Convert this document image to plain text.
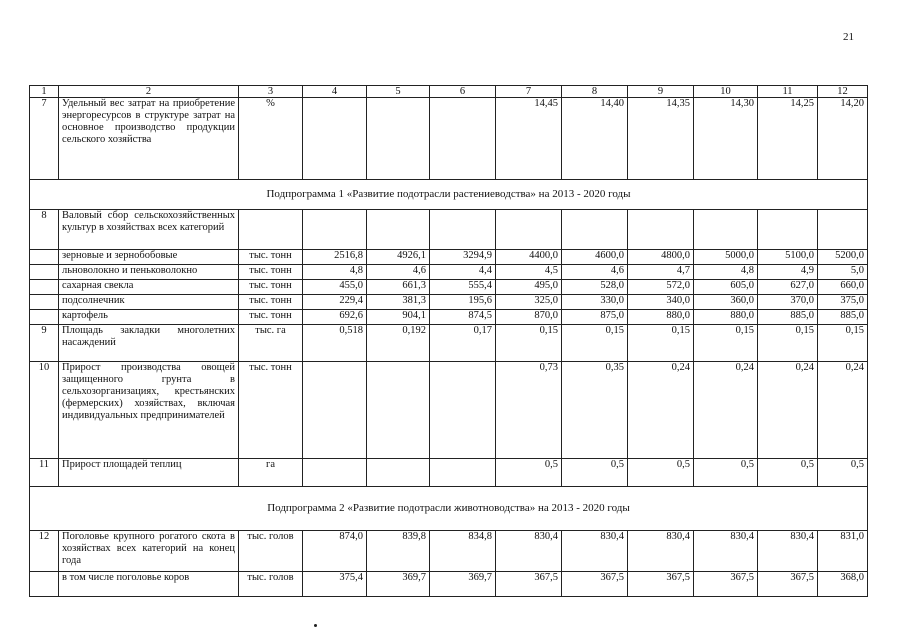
21
1	2	3	4	5	6	7	8	9	10	11	12
7	Удельный вес затрат на приобретение энергоресурсов в структуре затрат на основное производство продукции сельского хозяйства	%				14,45	14,40	14,35	14,30	14,25	14,20
Подпрограмма 1 «Развитие подотрасли растениеводства» на 2013 - 2020 годы											
8	Валовый сбор сельскохозяйственных культур в хозяйствах всех категорий										
	зерновые и зернобобовые	тыс. тонн	2516,8	4926,1	3294,9	4400,0	4600,0	4800,0	5000,0	5100,0	5200,0
	льноволокно и пеньковолокно	тыс. тонн	4,8	4,6	4,4	4,5	4,6	4,7	4,8	4,9	5,0
	сахарная свекла	тыс. тонн	455,0	661,3	555,4	495,0	528,0	572,0	605,0	627,0	660,0
	подсолнечник	тыс. тонн	229,4	381,3	195,6	325,0	330,0	340,0	360,0	370,0	375,0
	картофель	тыс. тонн	692,6	904,1	874,5	870,0	875,0	880,0	880,0	885,0	885,0
9	Площадь закладки многолетних насаждений	тыс. га	0,518	0,192	0,17	0,15	0,15	0,15	0,15	0,15	0,15
10	Прирост производства овощей защищенного грунта в сельхозорганизациях, крестьянских (фермерских) хозяйствах, включая индивидуальных предпринимателей	тыс. тонн				0,73	0,35	0,24	0,24	0,24	0,24
11	Прирост площадей теплиц	га				0,5	0,5	0,5	0,5	0,5	0,5
Подпрограмма 2 «Развитие подотрасли животноводства» на 2013 - 2020 годы											
12	Поголовье крупного рогатого скота в хозяйствах всех категорий на конец года	тыс. голов	874,0	839,8	834,8	830,4	830,4	830,4	830,4	830,4	831,0
	в том числе поголовье коров	тыс. голов	375,4	369,7	369,7	367,5	367,5	367,5	367,5	367,5	368,0
